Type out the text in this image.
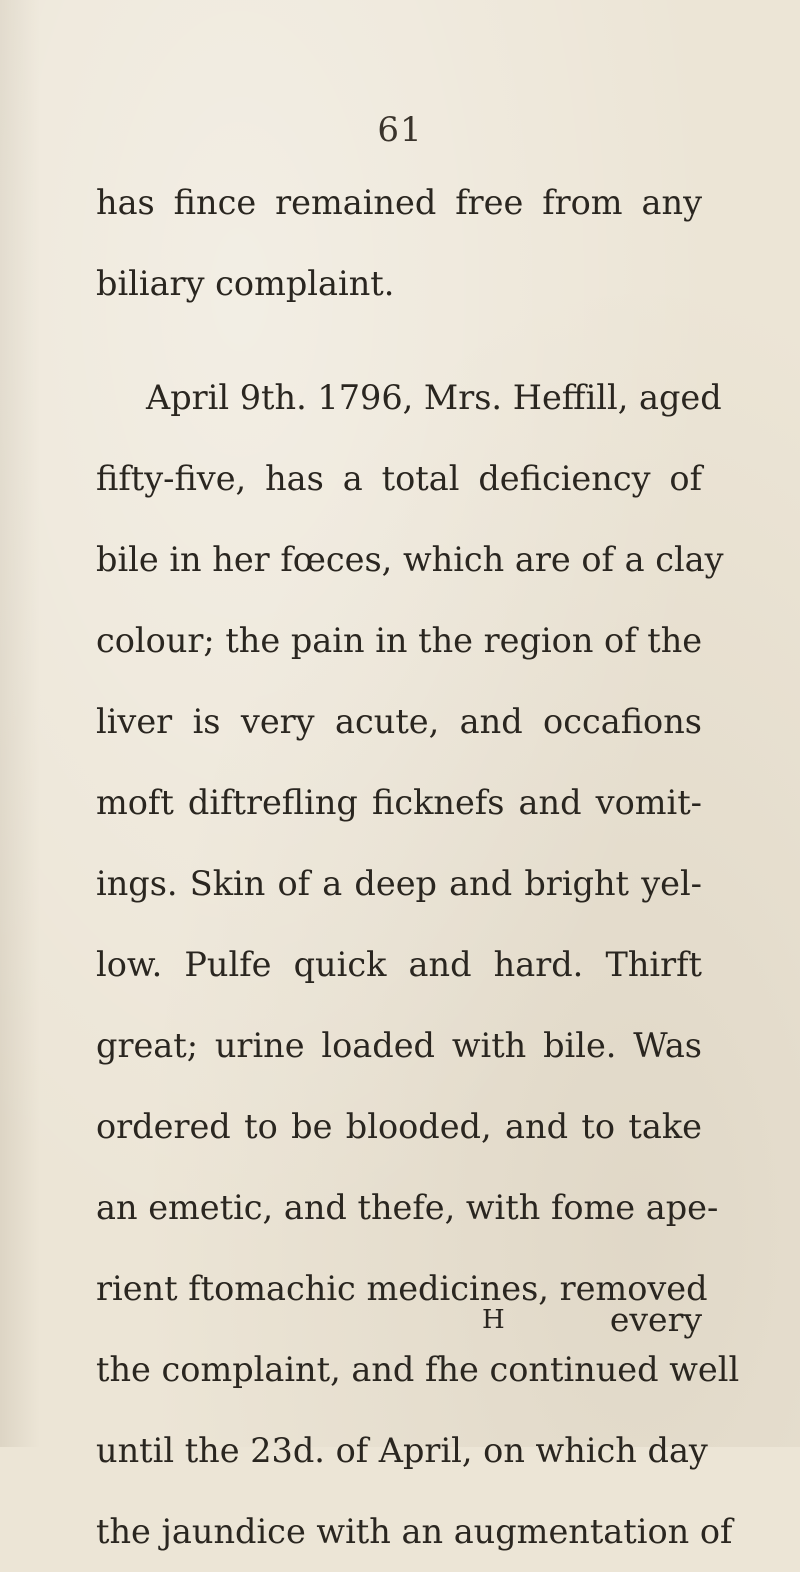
61
has fince remained free from any
biliary complaint.
April 9th. 1796, Mrs. Heffill, aged
fifty-five, has a total deficiency of
bile in her fœces, which are of a clay
colour; the pain in the region of the
liver is very acute, and occafions
moft diftrefling ficknefs and vomit-
ings. Skin of a deep and bright yel-
low. Pulfe quick and hard. Thirft
great; urine loaded with bile. Was
ordered to be blooded, and to take
an emetic, and thefe, with fome ape-
rient ftomachic medicines, removed
the complaint, and fhe continued well
until the 23d. of April, on which day
the jaundice with an augmentation of
H	every
